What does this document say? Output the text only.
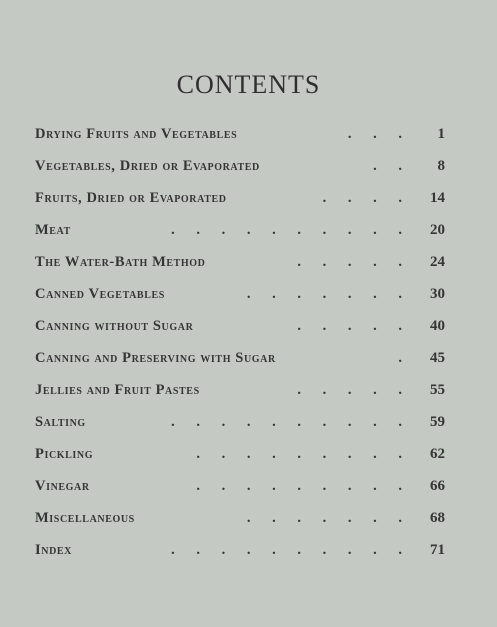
CONTENTS
Drying Fruits and Vegetables	. . . 1
Vegetables, Dried or Evaporated	. . 8
Fruits, Dried or Evaporated	. . . . 14
Meat	. . . . . . . . . . 20
The Water-Bath Method	. . . . . 24
Canned Vegetables	. . . . . . . 30
Canning without Sugar	. . . . . 40
Canning and Preserving with Sugar	. 45
Jellies and Fruit Pastes	. . . . . 55
Salting	. . . . . . . . . . 59
Pickling	. . . . . . . . . 62
Vinegar	. . . . . . . . . 66
Miscellaneous	. . . . . . . 68
Index	. . . . . . . . . . 71
